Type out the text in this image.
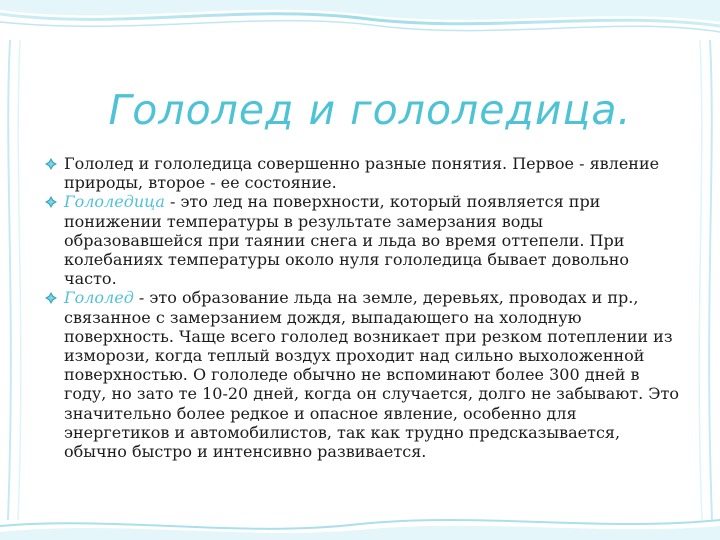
Гололед и гололедица.
Гололед и гололедица совершенно разные понятия. Первое - явление природы, второе - ее состояние.
Гололедица - это лед на поверхности, который появляется при понижении температуры в результате замерзания воды образовавшейся при таянии снега и льда во время оттепели. При колебаниях температуры около нуля гололедица бывает довольно часто.
Гололед - это образование льда на земле, деревьях, проводах и пр., связанное с замерзанием дождя, выпадающего на холодную поверхность. Чаще всего гололед возникает при резком потеплении из изморози, когда теплый воздух проходит над сильно выхоложенной поверхностью. О гололеде обычно не вспоминают более 300 дней в году, но зато те 10-20 дней, когда он случается, долго не забывают. Это значительно более редкое и опасное явление, особенно для энергетиков и автомобилистов, так как трудно предсказывается, обычно быстро и интенсивно развивается.
